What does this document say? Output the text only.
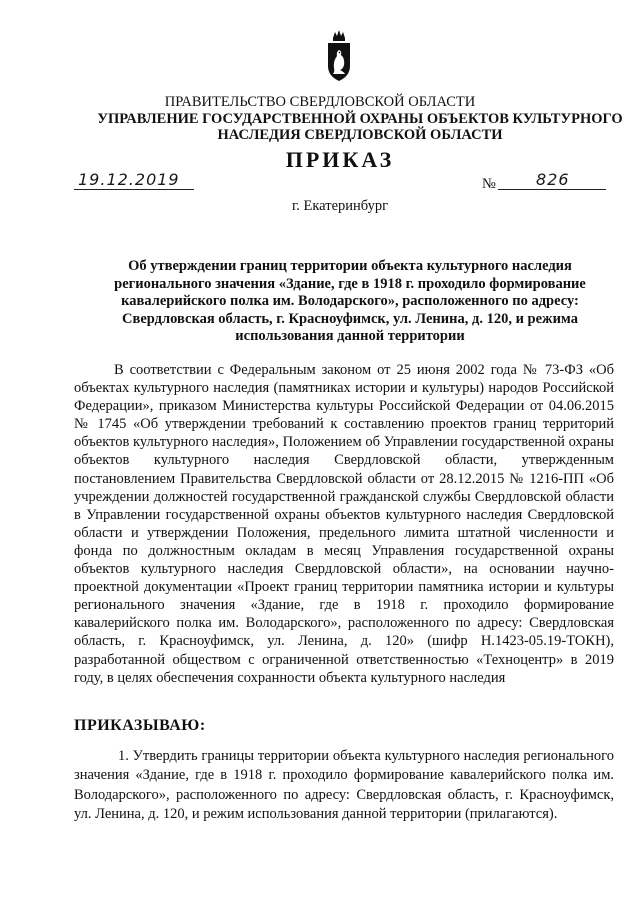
ПРАВИТЕЛЬСТВО СВЕРДЛОВСКОЙ ОБЛАСТИ
УПРАВЛЕНИЕ ГОСУДАРСТВЕННОЙ ОХРАНЫ ОБЪЕКТОВ КУЛЬТУРНОГО НАСЛЕДИЯ СВЕРДЛОВСКОЙ ОБЛАСТИ
ПРИКАЗ
19.12.2019	№	826
г. Екатеринбург
Об утверждении границ территории объекта культурного наследия регионального значения «Здание, где в 1918 г. проходило формирование кавалерийского полка им. Володарского», расположенного по адресу: Свердловская область, г. Красноуфимск, ул. Ленина, д. 120, и режима использования данной территории

В соответствии с Федеральным законом от 25 июня 2002 года № 73-ФЗ «Об объектах культурного наследия (памятниках истории и культуры) народов Российской Федерации», приказом Министерства культуры Российской Федерации от 04.06.2015 № 1745 «Об утверждении требований к составлению проектов границ территорий объектов культурного наследия», Положением об Управлении государственной охраны объектов культурного наследия Свердловской области, утвержденным постановлением Правительства Свердловской области от 28.12.2015 № 1216-ПП «Об учреждении должностей государственной гражданской службы Свердловской области в Управлении государственной охраны объектов культурного наследия Свердловской области и утверждении Положения, предельного лимита штатной численности и фонда по должностным окладам в месяц Управления государственной охраны объектов культурного наследия Свердловской области», на основании научно-проектной документации «Проект границ территории памятника истории и культуры регионального значения «Здание, где в 1918 г. проходило формирование кавалерийского полка им. Володарского», расположенного по адресу: Свердловская область, г. Красноуфимск, ул. Ленина, д. 120» (шифр Н.1423-05.19-ТОКН), разработанной обществом с ограниченной ответственностью «Техноцентр» в 2019 году, в целях обеспечения сохранности объекта культурного наследия

ПРИКАЗЫВАЮ:

1. Утвердить границы территории объекта культурного наследия регионального значения «Здание, где в 1918 г. проходило формирование кавалерийского полка им. Володарского», расположенного по адресу: Свердловская область, г. Красноуфимск, ул. Ленина, д. 120, и режим использования данной территории (прилагаются).
